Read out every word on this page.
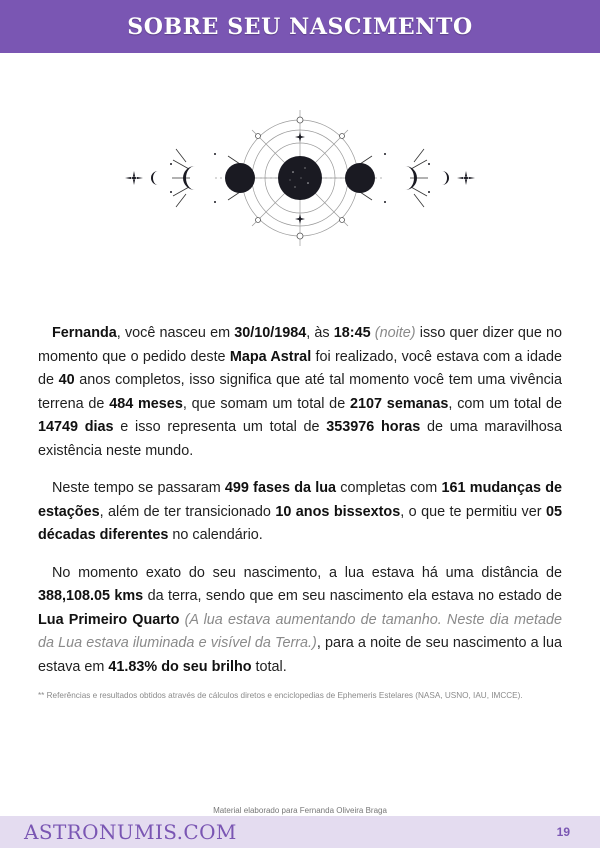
SOBRE SEU NASCIMENTO

Fernanda, você nasceu em 30/10/1984, às 18:45 (noite) isso quer dizer que no momento que o pedido deste Mapa Astral foi realizado, você estava com a idade de 40 anos completos, isso significa que até tal momento você tem uma vivência terrena de 484 meses, que somam um total de 2107 semanas, com um total de 14749 dias e isso representa um total de 353976 horas de uma maravilhosa existência neste mundo.

Neste tempo se passaram 499 fases da lua completas com 161 mudanças de estações, além de ter transicionado 10 anos bissextos, o que te permitiu ver 05 décadas diferentes no calendário.

No momento exato do seu nascimento, a lua estava há uma distância de 388,108.05 kms da terra, sendo que em seu nascimento ela estava no estado de Lua Primeiro Quarto (A lua estava aumentando de tamanho. Neste dia metade da Lua estava iluminada e visível da Terra.), para a noite de seu nascimento a lua estava em 41.83% do seu brilho total.

** Referências e resultados obtidos através de cálculos diretos e enciclopedias de Ephemeris Estelares (NASA, USNO, IAU, IMCCE).
Material elaborado para Fernanda Oliveira Braga
ASTRONUMIS.COM	19
